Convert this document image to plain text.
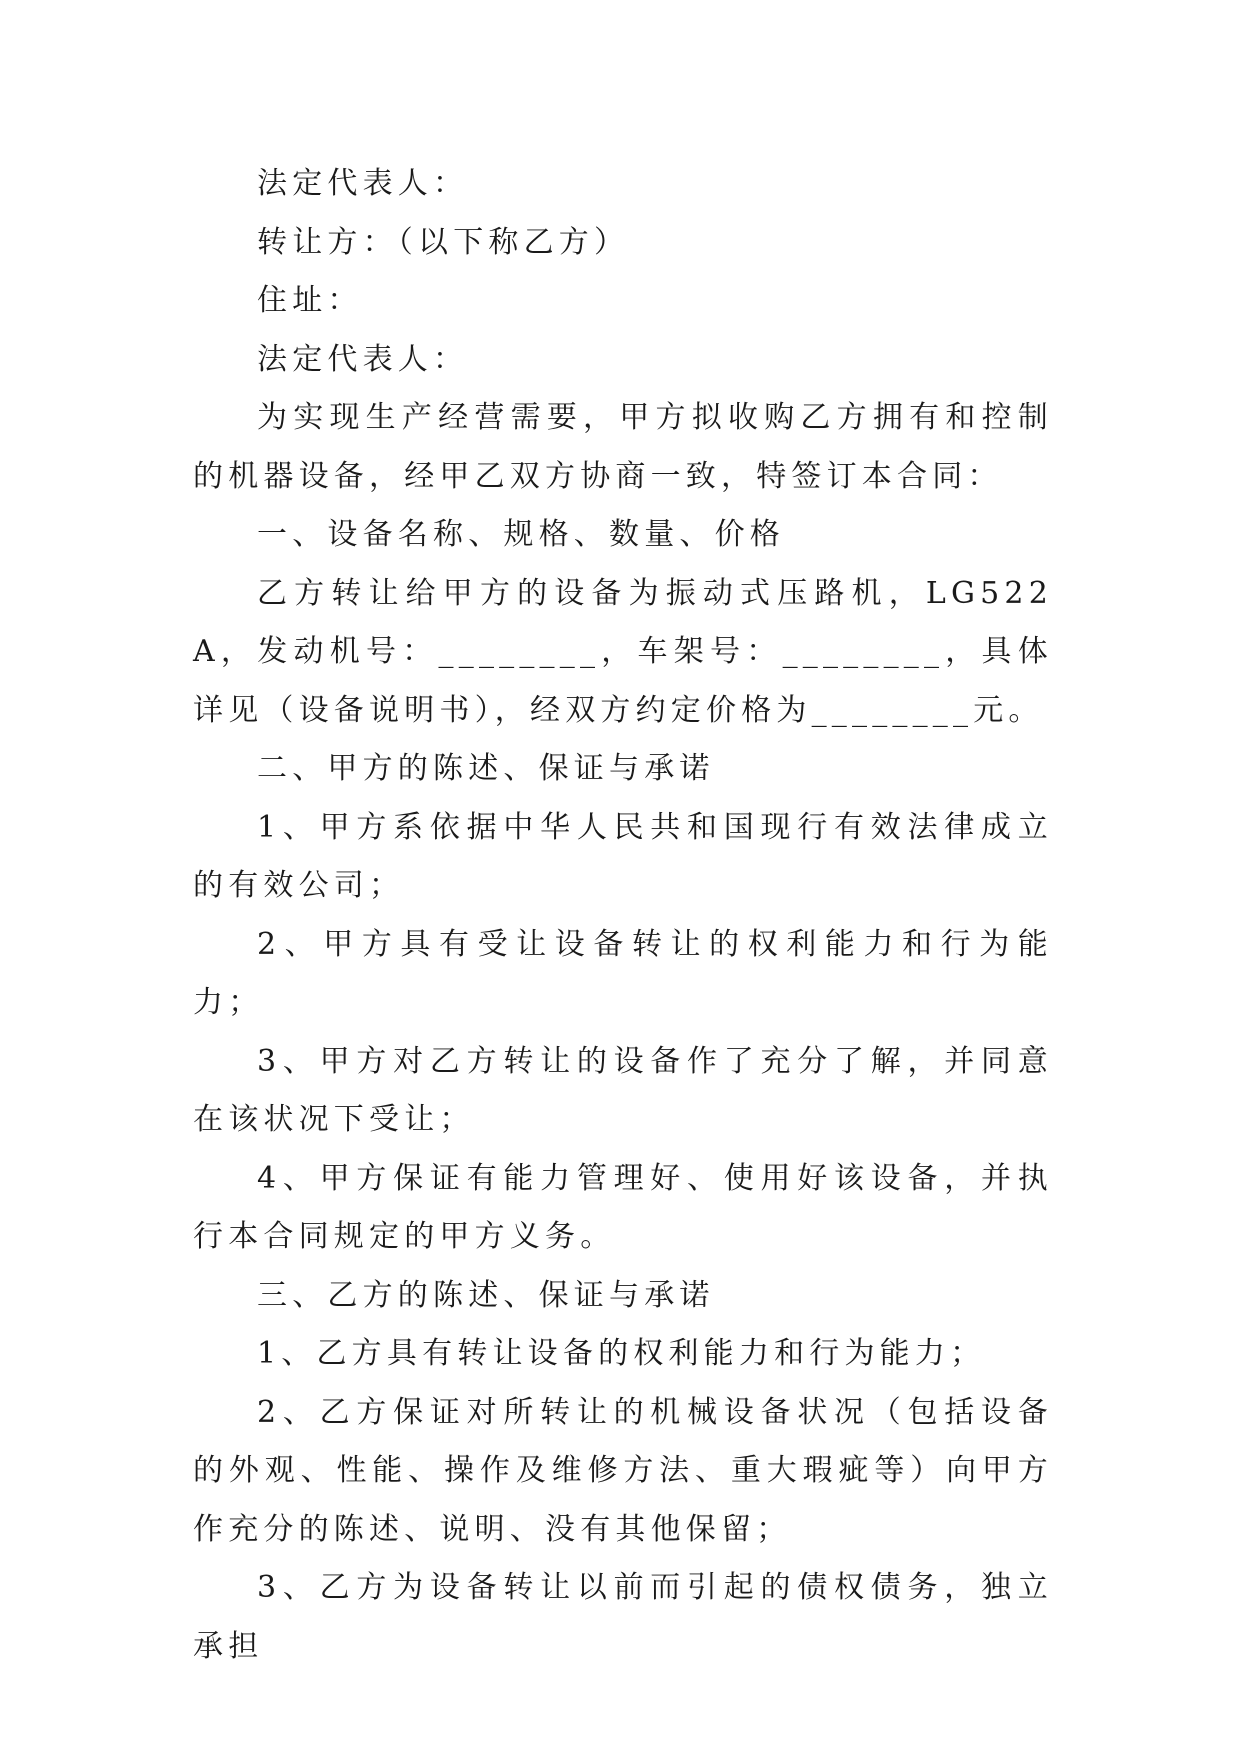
法定代表人：

转让方：（以下称乙方）

住址：

法定代表人：

为实现生产经营需要，甲方拟收购乙方拥有和控制的机器设备，经甲乙双方协商一致，特签订本合同：

一、设备名称、规格、数量、价格

乙方转让给甲方的设备为振动式压路机，LG522A，发动机号：________，车架号：________，具体详见（设备说明书），经双方约定价格为________元。

二、甲方的陈述、保证与承诺

1、甲方系依据中华人民共和国现行有效法律成立的有效公司；

2、甲方具有受让设备转让的权利能力和行为能力；

3、甲方对乙方转让的设备作了充分了解，并同意在该状况下受让；

4、甲方保证有能力管理好、使用好该设备，并执行本合同规定的甲方义务。

三、乙方的陈述、保证与承诺

1、乙方具有转让设备的权利能力和行为能力；

2、乙方保证对所转让的机械设备状况（包括设备的外观、性能、操作及维修方法、重大瑕疵等）向甲方作充分的陈述、说明、没有其他保留；

3、乙方为设备转让以前而引起的债权债务，独立承担
